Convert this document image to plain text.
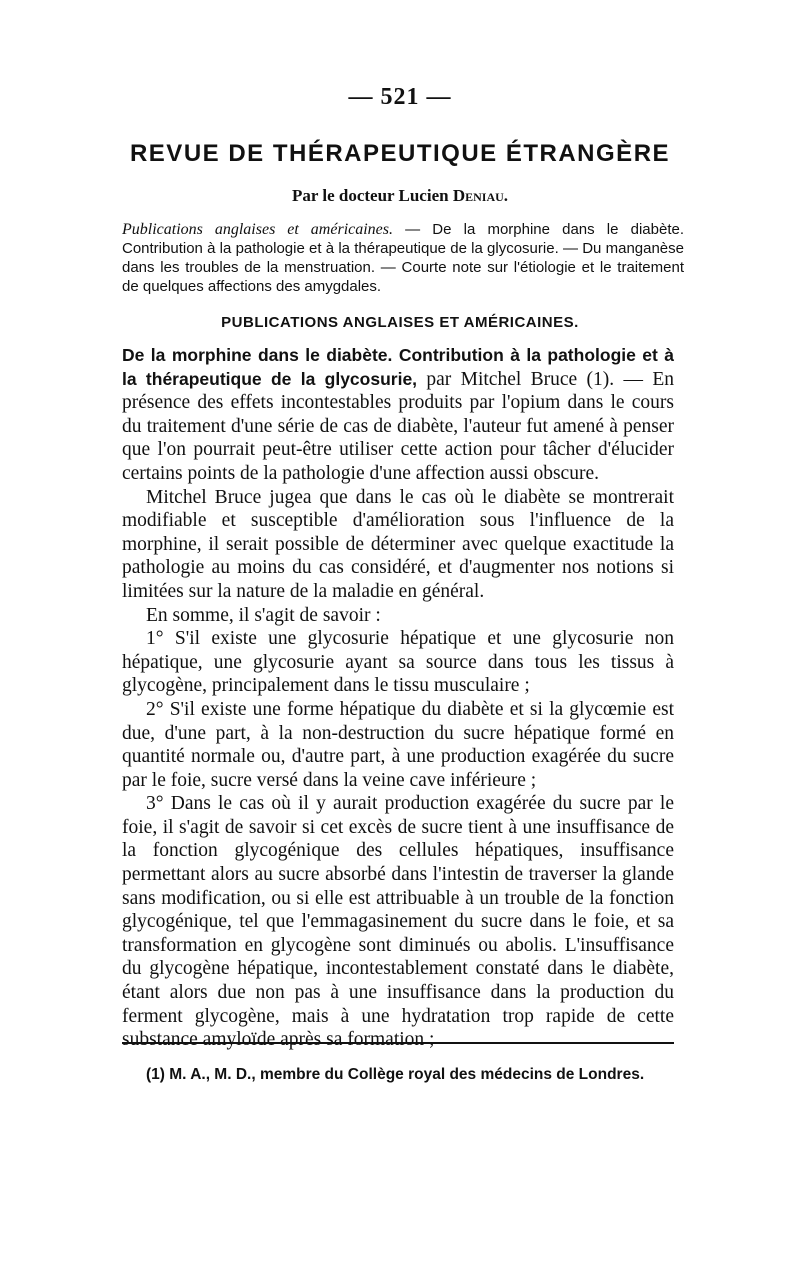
— 521 —
REVUE DE THÉRAPEUTIQUE ÉTRANGÈRE
Par le docteur Lucien Deniau.
Publications anglaises et américaines. — De la morphine dans le diabète. Contribution à la pathologie et à la thérapeutique de la glycosurie. — Du manganèse dans les troubles de la menstruation. — Courte note sur l'étiologie et le traitement de quelques affections des amygdales.
PUBLICATIONS ANGLAISES ET AMÉRICAINES.

De la morphine dans le diabète. Contribution à la pathologie et à la thérapeutique de la glycosurie, par Mitchel Bruce (1). — En présence des effets incontestables produits par l'opium dans le cours du traitement d'une série de cas de diabète, l'auteur fut amené à penser que l'on pourrait peut-être utiliser cette action pour tâcher d'élucider certains points de la pathologie d'une affection aussi obscure.

Mitchel Bruce jugea que dans le cas où le diabète se montrerait modifiable et susceptible d'amélioration sous l'influence de la morphine, il serait possible de déterminer avec quelque exactitude la pathologie au moins du cas considéré, et d'augmenter nos notions si limitées sur la nature de la maladie en général.

En somme, il s'agit de savoir :

1° S'il existe une glycosurie hépatique et une glycosurie non hépatique, une glycosurie ayant sa source dans tous les tissus à glycogène, principalement dans le tissu musculaire ;

2° S'il existe une forme hépatique du diabète et si la glycœmie est due, d'une part, à la non-destruction du sucre hépatique formé en quantité normale ou, d'autre part, à une production exagérée du sucre par le foie, sucre versé dans la veine cave inférieure ;

3° Dans le cas où il y aurait production exagérée du sucre par le foie, il s'agit de savoir si cet excès de sucre tient à une insuffisance de la fonction glycogénique des cellules hépatiques, insuffisance permettant alors au sucre absorbé dans l'intestin de traverser la glande sans modification, ou si elle est attribuable à un trouble de la fonction glycogénique, tel que l'emmagasinement du sucre dans le foie, et sa transformation en glycogène sont diminués ou abolis. L'insuffisance du glycogène hépatique, incontestablement constaté dans le diabète, étant alors due non pas à une insuffisance dans la production du ferment glycogène, mais à une hydratation trop rapide de cette substance amyloïde après sa formation ;

(1) M. A., M. D., membre du Collège royal des médecins de Londres.
